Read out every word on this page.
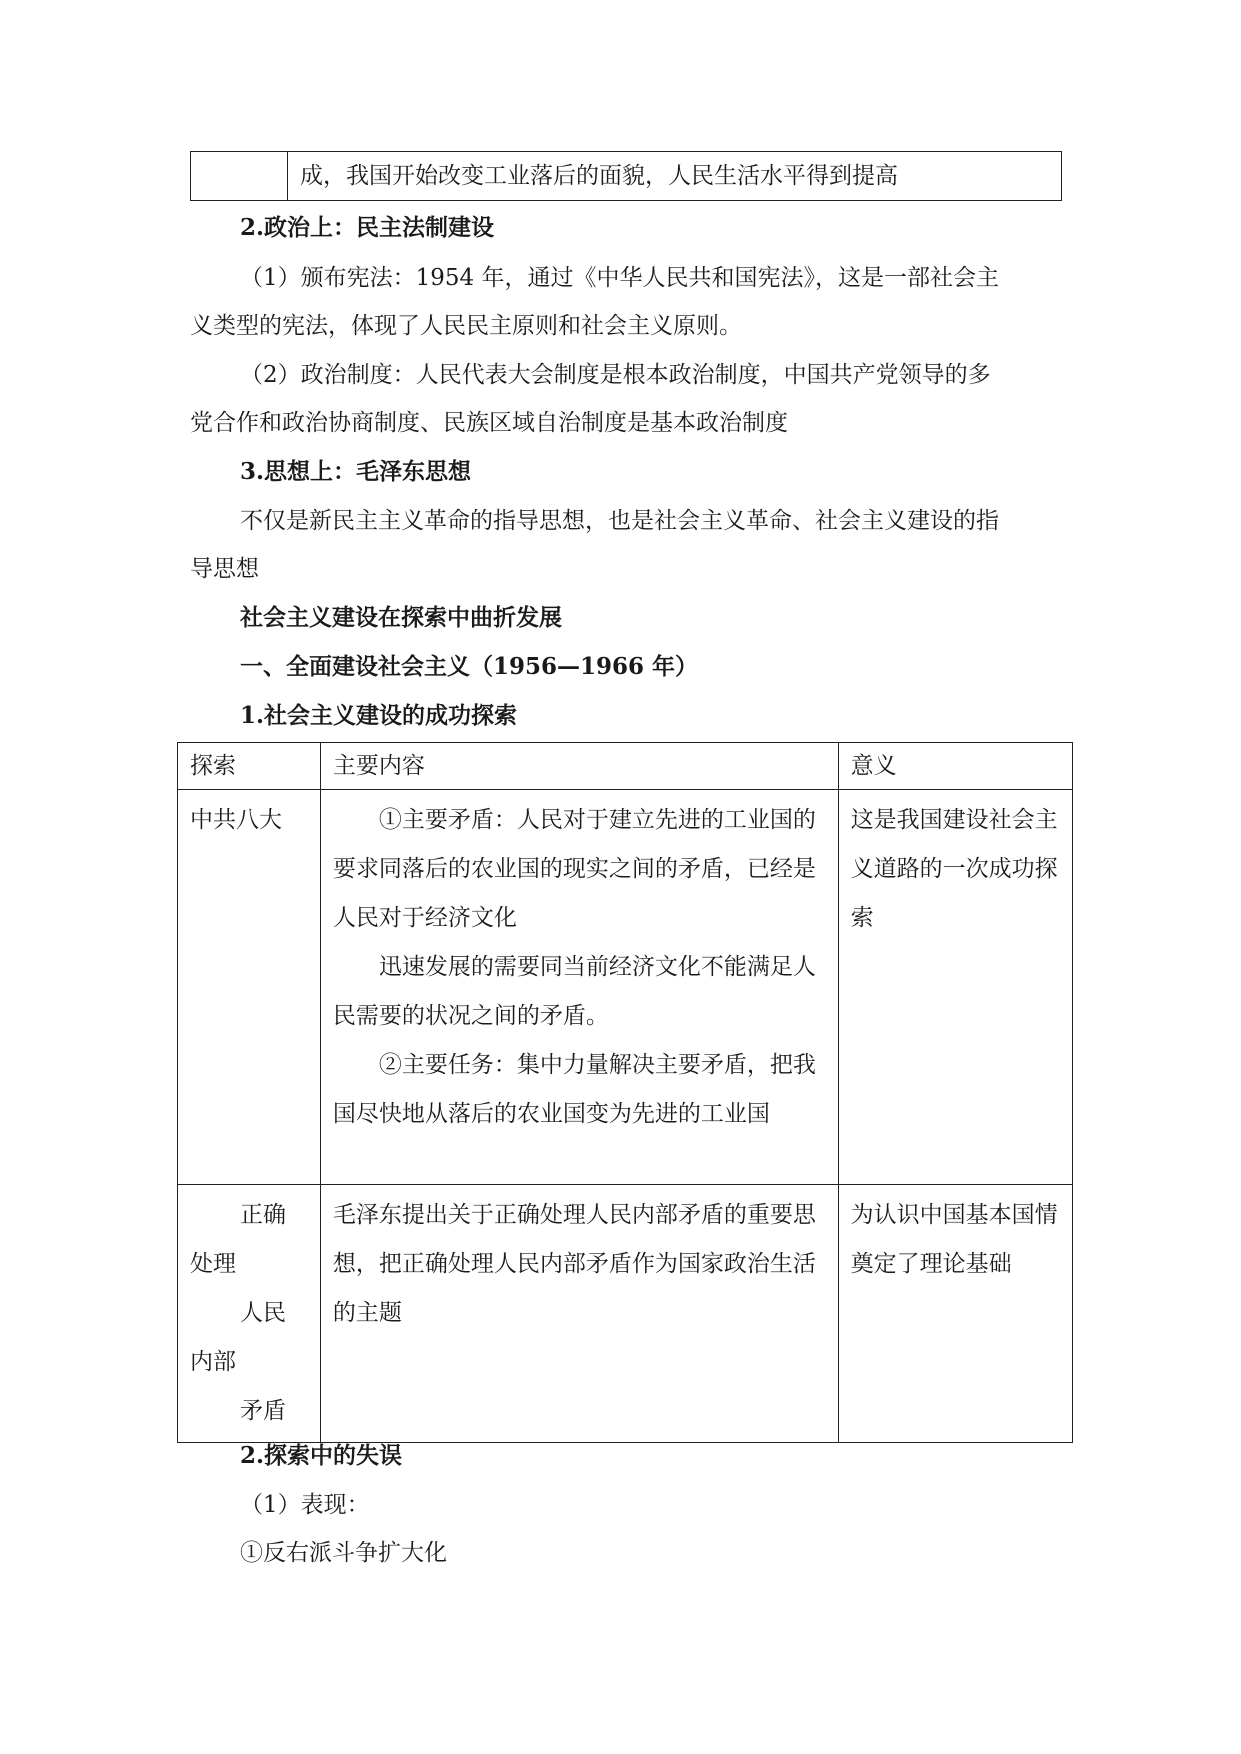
	成，我国开始改变工业落后的面貌，人民生活水平得到提高
2.政治上：民主法制建设
（1）颁布宪法：1954 年，通过《中华人民共和国宪法》，这是一部社会主
义类型的宪法，体现了人民民主原则和社会主义原则。
（2）政治制度：人民代表大会制度是根本政治制度，中国共产党领导的多
党合作和政治协商制度、民族区域自治制度是基本政治制度
3.思想上：毛泽东思想
不仅是新民主主义革命的指导思想，也是社会主义革命、社会主义建设的指
导思想
社会主义建设在探索中曲折发展
一、全面建设社会主义（1956—1966 年）
1.社会主义建设的成功探索
探索	主要内容	意义
中共八大	①主要矛盾：人民对于建立先进的工业国的要求同落后的农业国的现实之间的矛盾，已经是人民对于经济文化
迅速发展的需要同当前经济文化不能满足人民需要的状况之间的矛盾。
②主要任务：集中力量解决主要矛盾，把我国尽快地从落后的农业国变为先进的工业国	这是我国建设社会主义道路的一次成功探索

正确
处理
人民
内部
矛盾	毛泽东提出关于正确处理人民内部矛盾的重要思想，把正确处理人民内部矛盾作为国家政治生活的主题	为认识中国基本国情奠定了理论基础
2.探索中的失误
（1）表现：
①反右派斗争扩大化
